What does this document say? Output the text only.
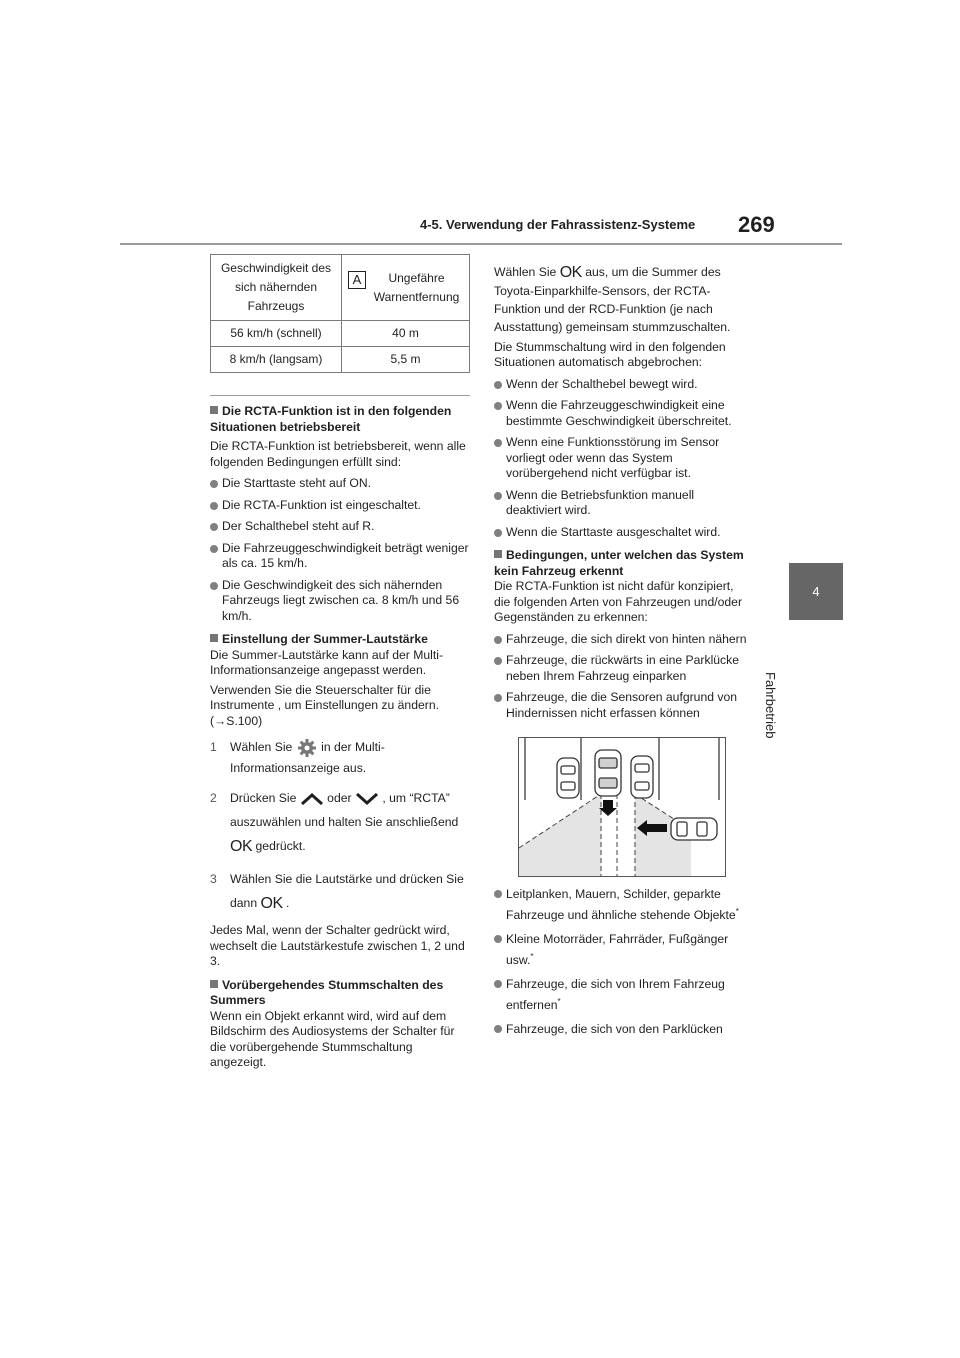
4-5. Verwendung der Fahrassistenz-Systeme 269
4
Fahrbetrieb
Geschwindigkeit des sich nähernden Fahrzeugs	A Ungefähre Warnentfernung
56 km/h (schnell)	40 m
8 km/h (langsam)	5,5 m

Die RCTA-Funktion ist in den folgenden Situationen betriebsbereit

Die RCTA-Funktion ist betriebsbereit, wenn alle folgenden Bedingungen erfüllt sind:

Die Starttaste steht auf ON.

Die RCTA-Funktion ist eingeschaltet.

Der Schalthebel steht auf R.

Die Fahrzeuggeschwindigkeit beträgt weniger als ca. 15 km/h.

Die Geschwindigkeit des sich nähernden Fahrzeugs liegt zwischen ca. 8 km/h und 56 km/h.

Einstellung der Summer-Lautstärke

Die Summer-Lautstärke kann auf der Multi-Informationsanzeige angepasst werden.

Verwenden Sie die Steuerschalter für die Instrumente , um Einstellungen zu ändern. (→S.100)

1	Wählen Sie in der Multi-Informationsanzeige aus.
2	Drücken Sie	oder	, um “RCTA” auszuwählen und halten Sie anschließend OK gedrückt.
3	Wählen Sie die Lautstärke und drücken Sie dann OK .

Jedes Mal, wenn der Schalter gedrückt wird, wechselt die Lautstärkestufe zwischen 1, 2 und 3.

Vorübergehendes Stummschalten des Summers

Wenn ein Objekt erkannt wird, wird auf dem Bildschirm des Audiosystems der Schalter für die vorübergehende Stummschaltung angezeigt.

Wählen Sie OK aus, um die Summer des Toyota-Einparkhilfe-Sensors, der RCTA-Funktion und der RCD-Funktion (je nach Ausstattung) gemeinsam stummzuschalten.

Die Stummschaltung wird in den folgenden Situationen automatisch abgebrochen:

Wenn der Schalthebel bewegt wird.

Wenn die Fahrzeuggeschwindigkeit eine bestimmte Geschwindigkeit überschreitet.

Wenn eine Funktionsstörung im Sensor vorliegt oder wenn das System vorübergehend nicht verfügbar ist.

Wenn die Betriebsfunktion manuell deaktiviert wird.

Wenn die Starttaste ausgeschaltet wird.

Bedingungen, unter welchen das System kein Fahrzeug erkennt

Die RCTA-Funktion ist nicht dafür konzipiert, die folgenden Arten von Fahrzeugen und/oder Gegenständen zu erkennen:

Fahrzeuge, die sich direkt von hinten nähern

Fahrzeuge, die rückwärts in eine Parklücke neben Ihrem Fahrzeug einparken

Fahrzeuge, die die Sensoren aufgrund von Hindernissen nicht erfassen können

Leitplanken, Mauern, Schilder, geparkte Fahrzeuge und ähnliche stehende Objekte*

Kleine Motorräder, Fahrräder, Fußgänger usw.*

Fahrzeuge, die sich von Ihrem Fahrzeug entfernen*

Fahrzeuge, die sich von den Parklücken
